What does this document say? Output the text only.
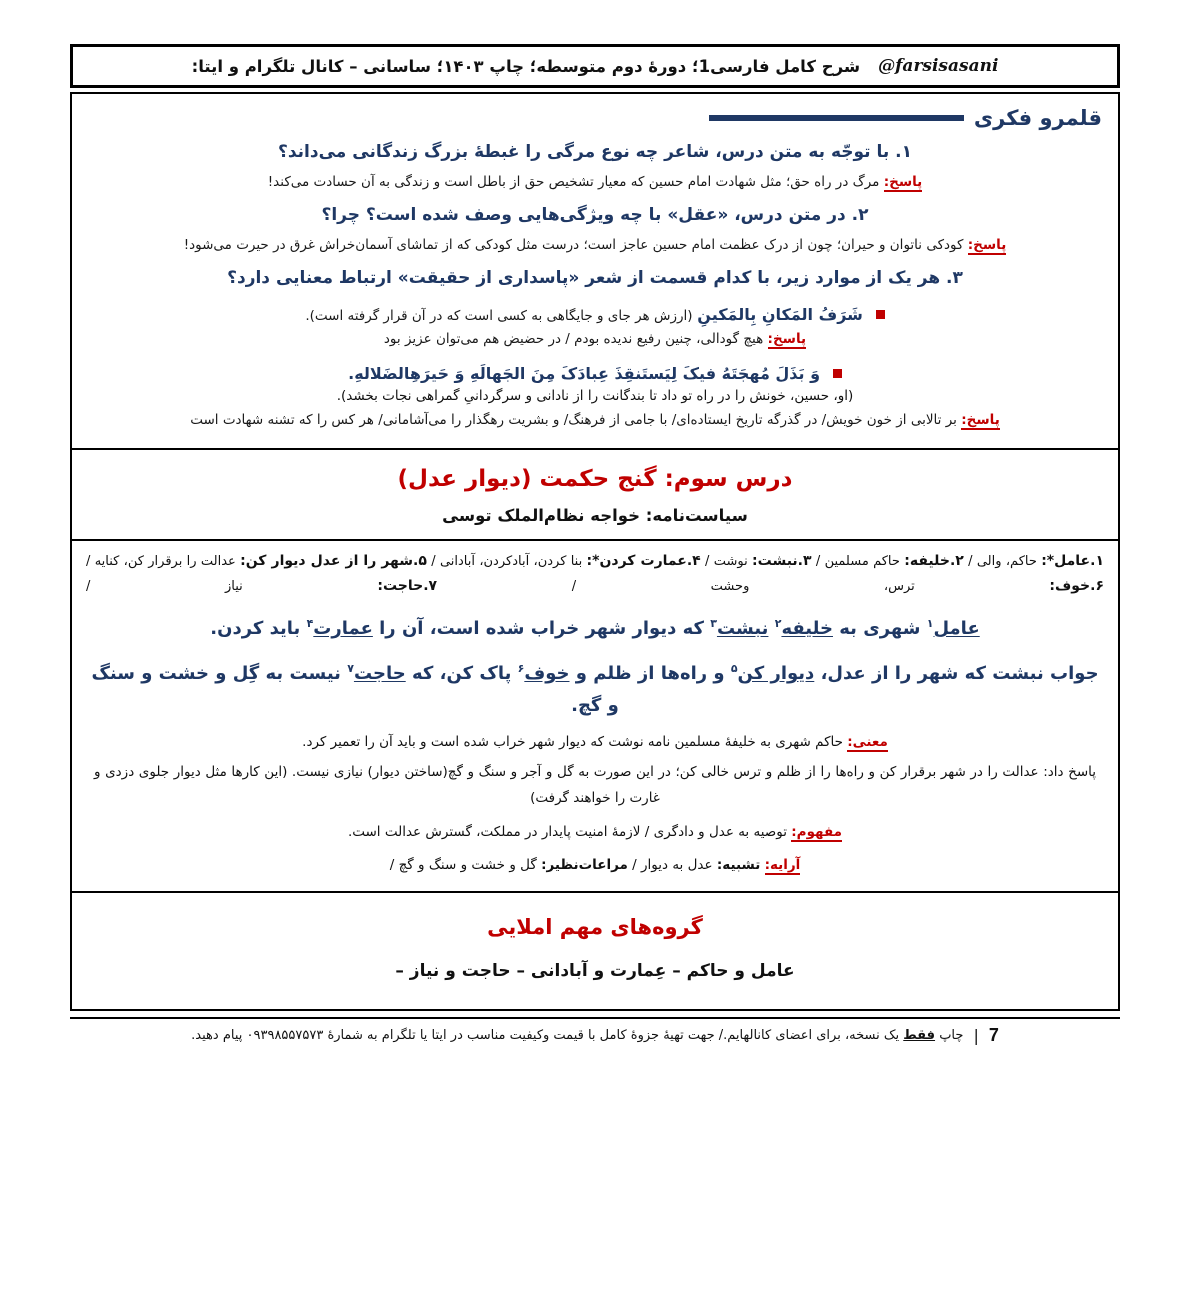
@farsisasani
شرح کامل فارسی1؛ دورهٔ دوم متوسطه؛ چاپ ۱۴۰۳؛ ساسانی – کانال تلگرام و ایتا:
قلمرو فکری
۱. با توجّه به متن درس، شاعر چه نوع مرگی را غبطهٔ بزرگ زندگانی می‌داند؟
پاسخ: مرگ در راه حق؛ مثل شهادت امام حسین که معیار تشخیص حق از باطل است و زندگی به آن حسادت می‌کند!
۲. در متن درس، «عقل» با چه ویژگی‌هایی وصف شده است؟ چرا؟
پاسخ: کودکی ناتوان و حیران؛ چون از درک عظمت امام حسین عاجز است؛ درست مثل کودکی که از تماشای آسمان‌خراش غرق در حیرت می‌شود!
۳. هر یک از موارد زیر، با کدام قسمت از شعر «پاسداری از حقیقت» ارتباط معنایی دارد؟
شَرَفُ المَکانِ بِالمَکینِ (ارزش هر جای و جایگاهی به کسی است که در آن قرار گرفته است).
پاسخ: هیچ گودالی، چنین رفیع ندیده بودم / در حضیض هم می‌توان عزیز بود
وَ بَذَلَ مُهجَتَهُ فیکَ لِیَستَنقِذَ عِبادَکَ مِنَ الجَهالَهِ وَ حَیرَهِالضَلالهِ.
(او، حسین، خونش را در راه تو داد تا بندگانت را از نادانی و سرگردانیِ گمراهی نجات بخشد).
پاسخ: بر تالابی از خون خویش/ در گذرگه تاریخ ایستاده‌ای/ با جامی از فرهنگ/ و بشریت رهگذار را می‌آشامانی/ هر کس را که تشنه شهادت است
درس سوم: گنج حکمت (دیوار عدل)
سیاست‌نامه: خواجه نظام‌الملک توسی
۱.عامل*: حاکم، والی / ۲.خلیفه: حاکم مسلمین / ۳.نبشت: نوشت / ۴.عمارت کردن*: بنا کردن، آبادکردن، آبادانی / ۵.شهر را از عدل دیوار کن: عدالت را برقرار کن، کنایه / ۶.خوف: ترس، وحشت / ۷.حاجت: نیاز /
عامل$^۱$ شهری به خلیفه$^۲$ نبشت$^۳$ که دیوار شهر خراب شده است، آن را عمارت$^۴$ باید کردن.
جواب نبشت که شهر را از عدل، دیوار کن$^۵$ و راه‌ها از ظلم و خوف$^۶$ پاک کن، که حاجت$^۷$ نیست به گِل و خشت و سنگ و گچ.
معنی: حاکم شهری به خلیفهٔ مسلمین نامه نوشت که دیوار شهر خراب شده است و باید آن را تعمیر کرد.
پاسخ داد: عدالت را در شهر برقرار کن و راه‌ها را از ظلم و ترس خالی کن؛ در این صورت به گل و آجر و سنگ و گچ(ساختن دیوار) نیازی نیست. (این کارها مثل دیوار جلوی دزدی و غارت را خواهند گرفت)
مفهوم: توصیه به عدل و دادگری / لازمهٔ امنیت پایدار در مملکت، گسترش عدالت است.
آرایه: تشبیه: عدل به دیوار / مراعات‌نظیر: گل و خشت و سنگ و گچ /
گروه‌های مهم املایی
عامل و حاکم – عِمارت و آبادانی – حاجت و نیاز –
7
|
چاپ فقط یک نسخه، برای اعضای کانالهایم./ جهت تهیهٔ جزوهٔ کامل با قیمت وکیفیت مناسب در ایتا یا تلگرام به شمارهٔ ۰۹۳۹۸۵۵۷۵۷۳ پیام دهید.
